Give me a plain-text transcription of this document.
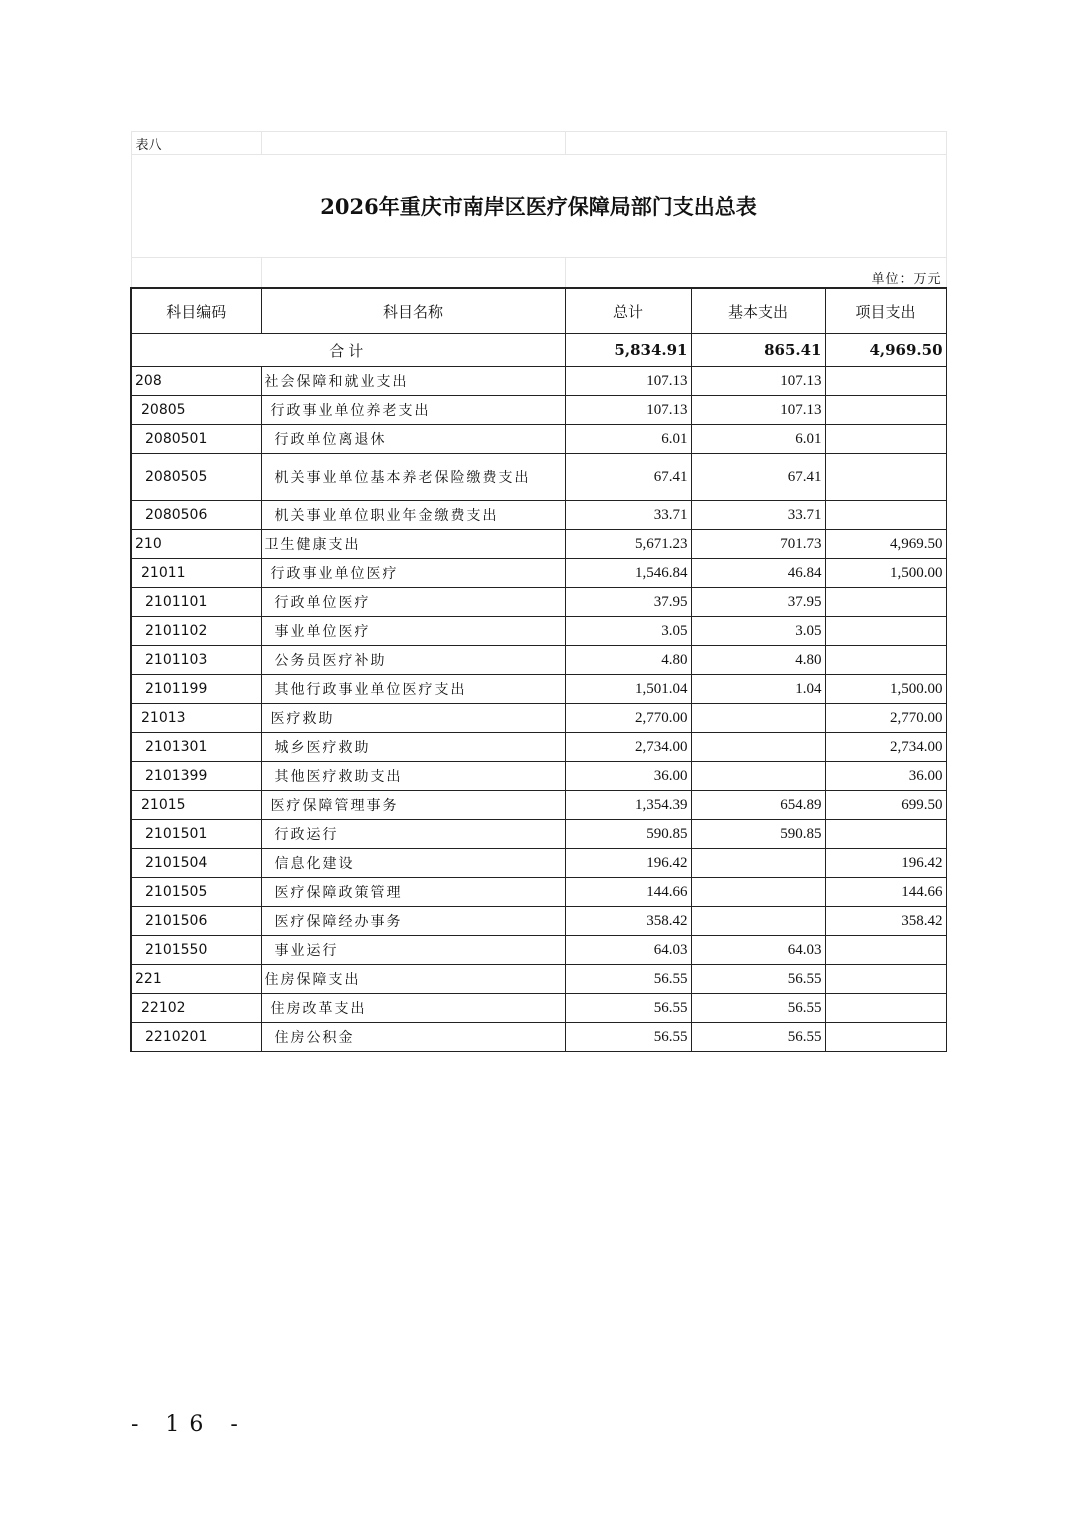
表八				
2026年重庆市南岸区医疗保障局部门支出总表				
		单位：万元		
科目编码	科目名称	总计	基本支出	项目支出
合计		5,834.91	865.41	4,969.50
208	社会保障和就业支出	107.13	107.13	
20805	行政事业单位养老支出	107.13	107.13	
2080501	行政单位离退休	6.01	6.01	
2080505	机关事业单位基本养老保险缴费支出	67.41	67.41	
2080506	机关事业单位职业年金缴费支出	33.71	33.71	
210	卫生健康支出	5,671.23	701.73	4,969.50
21011	行政事业单位医疗	1,546.84	46.84	1,500.00
2101101	行政单位医疗	37.95	37.95	
2101102	事业单位医疗	3.05	3.05	
2101103	公务员医疗补助	4.80	4.80	
2101199	其他行政事业单位医疗支出	1,501.04	1.04	1,500.00
21013	医疗救助	2,770.00		2,770.00
2101301	城乡医疗救助	2,734.00		2,734.00
2101399	其他医疗救助支出	36.00		36.00
21015	医疗保障管理事务	1,354.39	654.89	699.50
2101501	行政运行	590.85	590.85	
2101504	信息化建设	196.42		196.42
2101505	医疗保障政策管理	144.66		144.66
2101506	医疗保障经办事务	358.42		358.42
2101550	事业运行	64.03	64.03	
221	住房保障支出	56.55	56.55	
22102	住房改革支出	56.55	56.55	
2210201	住房公积金	56.55	56.55	
- 16 -
